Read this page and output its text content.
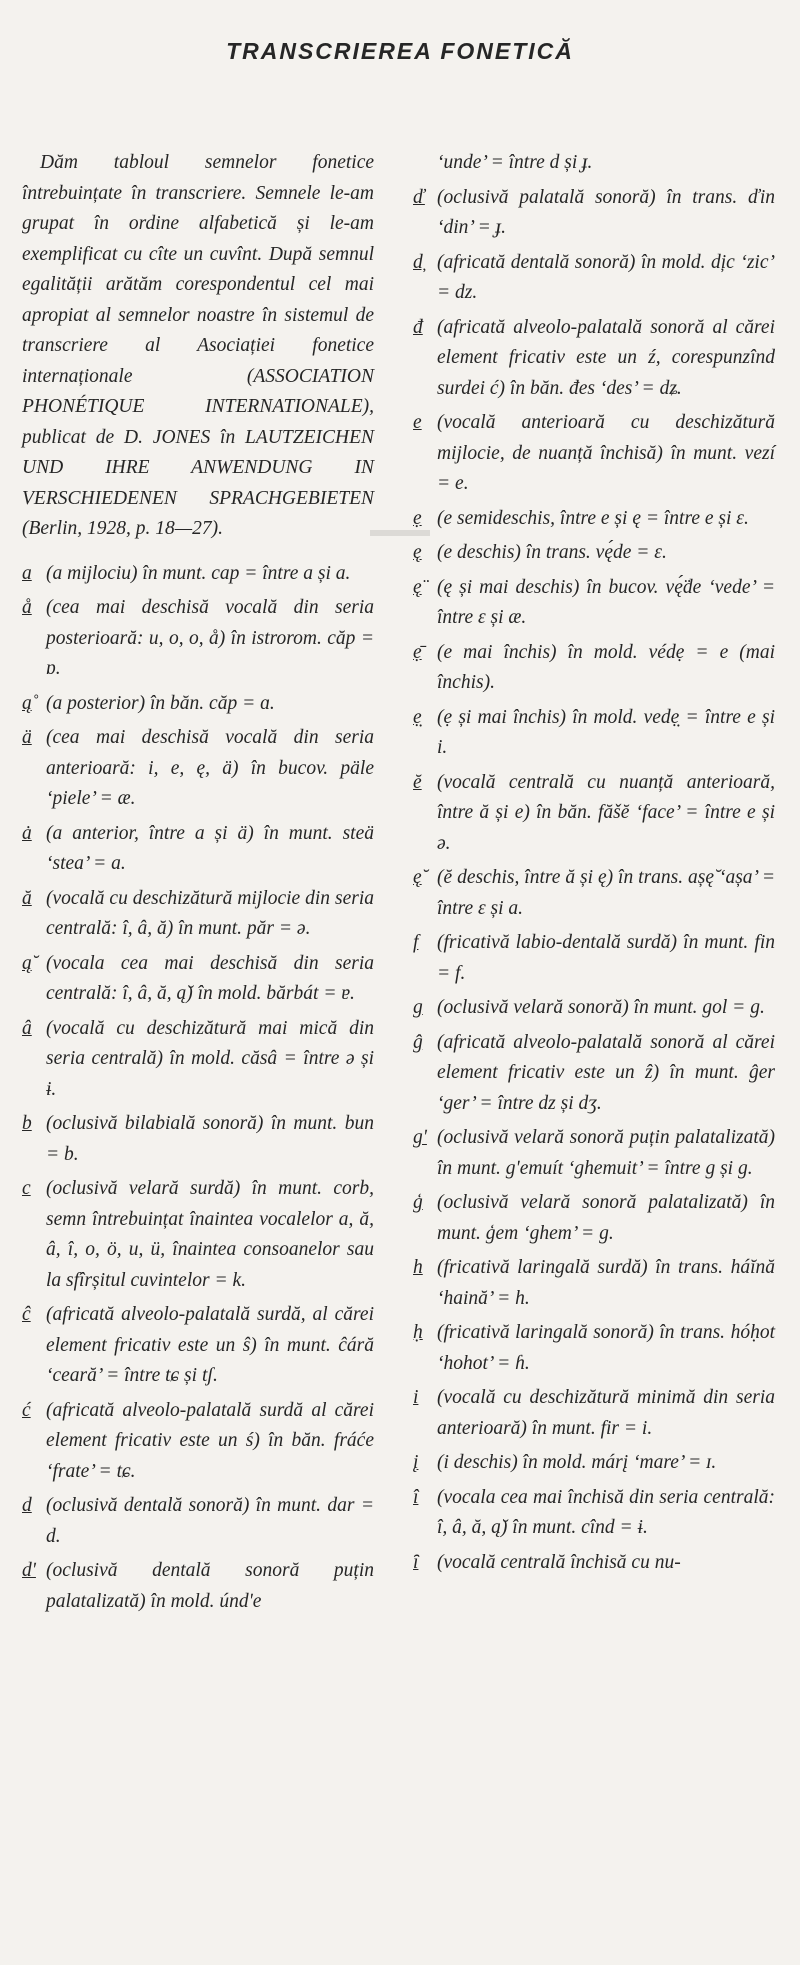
TRANSCRIEREA FONETICĂ

Dăm tabloul semnelor fonetice întrebuințate în transcriere. Semnele le-am grupat în ordine alfabetică și le-am exemplificat cu cîte un cuvînt. După semnul egalității arătăm corespondentul cel mai apropiat al semnelor noastre în sistemul de transcriere al Asociației fonetice internaționale (ASSOCIATION PHONÉTIQUE INTERNATIONALE), publicat de D. JONES în LAUTZEICHEN UND IHRE ANWENDUNG IN VERSCHIEDENEN SPRACHGEBIETEN (Berlin, 1928, p. 18—27).

a (a mijlociu) în munt. cap = între a și a.
å (cea mai deschisă vocală din seria posterioară: u, o, o, å) în istrorom. căp = ɒ.
ą̊ (a posterior) în băn. căp = ɑ.
ä (cea mai deschisă vocală din seria anterioară: i, e, ę, ä) în bucov. päle ‘piele’ = æ.
ȧ (a anterior, între a și ä) în munt. steä ‘stea’ = a.
ă (vocală cu deschizătură mijlocie din seria centrală: î, â, ă) în munt. păr = ə.
ą̆ (vocala cea mai deschisă din seria centrală: î, â, ă, ą̆) în mold. bărbát = ɐ.
â (vocală cu deschizătură mai mică din seria centrală) în mold. căsâ = între ə și ɨ.
b (oclusivă bilabială sonoră) în munt. bun = b.
c (oclusivă velară surdă) în munt. corb, semn întrebuințat înaintea vocalelor a, ă, â, î, o, ö, u, ü, înaintea consoanelor sau la sfîrșitul cuvintelor = k.
ĉ (africată alveolo-palatală surdă, al cărei element fricativ este un ŝ) în munt. ĉáră ‘ceară’ = între tɕ și tʃ.
ć (africată alveolo-palatală surdă al cărei element fricativ este un ś) în băn. fráće ‘frate’ = tɕ.
d (oclusivă dentală sonoră) în munt. dar = d.
dʹ (oclusivă dentală sonoră puțin palatalizată) în mold. úndʹe
‘unde’ = între d și ɟ.
ď (oclusivă palatală sonoră) în trans. ďin ‘din’ = ɟ.
d̦ (africată dentală sonoră) în mold. d̦ic ‘zic’ = dz.
đ (africată alveolo-palatală sonoră al cărei element fricativ este un ź, corespunzînd surdei ć) în băn. đes ‘des’ = dʑ.
e (vocală anterioară cu deschizătură mijlocie, de nuanță închisă) în munt. vezí = e.
ẹ (e semideschis, între e și ę = între e și ɛ.
ę (e deschis) în trans. vę́de = ɛ.
ę̈ (ę și mai deschis) în bucov. vę̈́de ‘vede’ = între ɛ și æ.
ẹ̄ (e mai închis) în mold. védẹ = e (mai închis).
ẹ̣ (ẹ și mai închis) în mold. vedẹ̣ = între e și i.
ĕ (vocală centrală cu nuanță anterioară, între ă și e) în băn. făšĕ ‘face’ = între e și ə.
ę̆ (ĕ deschis, între ă și ę) în trans. așę̆ ‘așa’ = între ɛ și a.
f (fricativă labio-dentală surdă) în munt. fin = f.
g (oclusivă velară sonoră) în munt. gol = g.
ĝ (africată alveolo-palatală sonoră al cărei element fricativ este un ẑ) în munt. ĝer ‘ger’ = între dz și dʒ.
gʹ (oclusivă velară sonoră puțin palatalizată) în munt. gʹemuít ‘ghemuit’ = între g și g.
ģ (oclusivă velară sonoră palatalizată) în munt. ģem ‘ghem’ = g.
h (fricativă laringală surdă) în trans. háĭnă ‘haină’ = h.
ḥ (fricativă laringală sonoră) în trans. hóḥot ‘hohot’ = ɦ.
i (vocală cu deschizătură minimă din seria anterioară) în munt. fir = i.
į (i deschis) în mold. márį ‘mare’ = ɪ.
î (vocala cea mai închisă din seria centrală: î, â, ă, ą̆) în munt. cînd = ɨ.
ȋ (vocală centrală închisă cu nu-
